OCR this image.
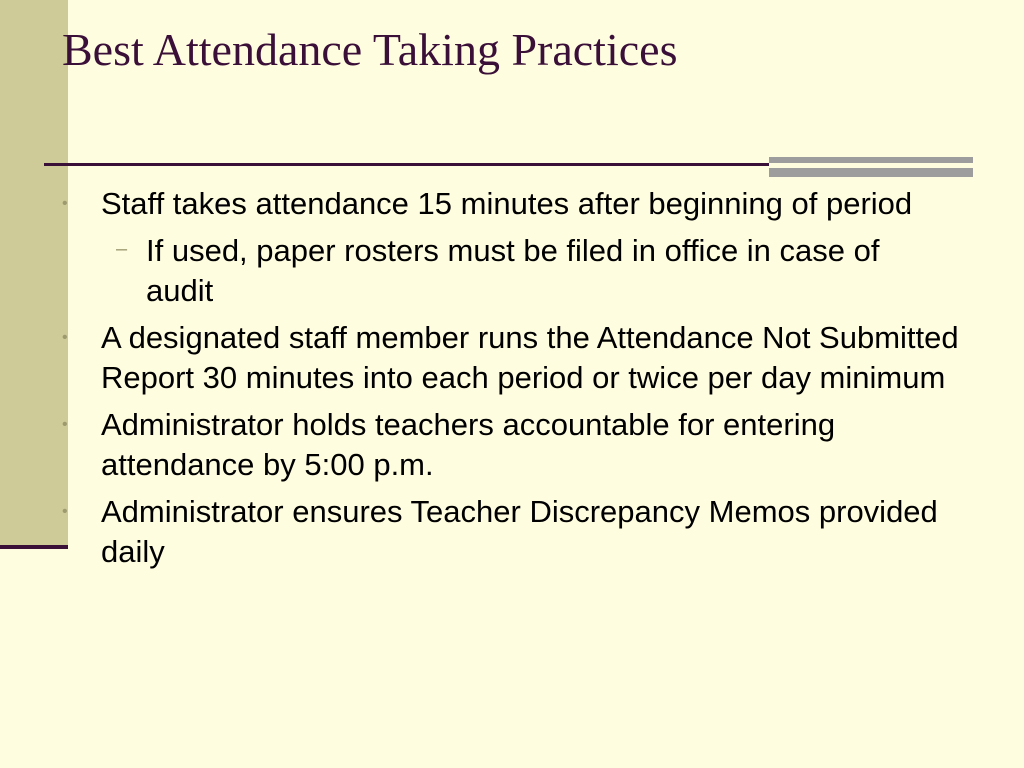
Best Attendance Taking Practices
• Staff takes attendance 15 minutes after beginning of period
– If used, paper rosters must be filed in office in case of audit
• A designated staff member runs the Attendance Not Submitted Report 30 minutes into each period or twice per day minimum
• Administrator holds teachers accountable for entering attendance by 5:00 p.m.
• Administrator ensures Teacher Discrepancy Memos provided daily
